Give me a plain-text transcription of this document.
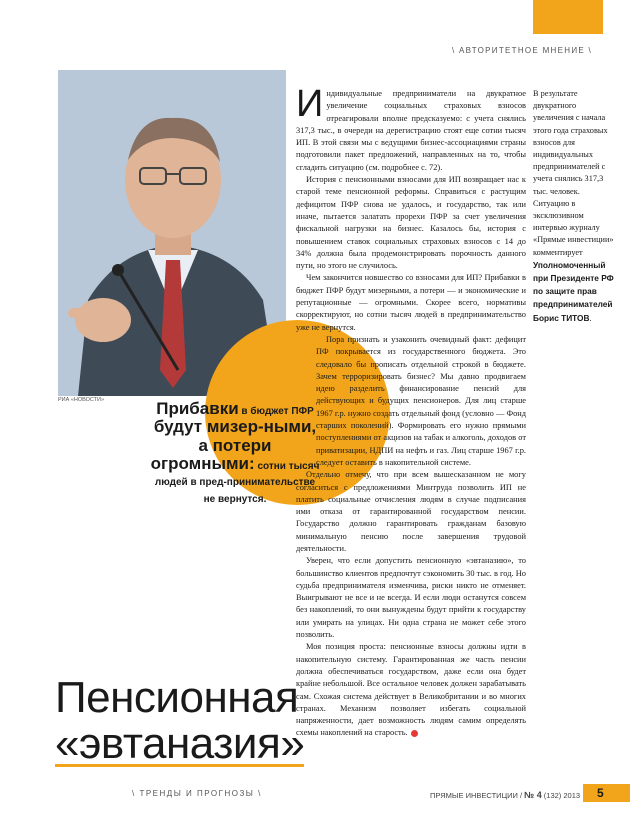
\ АВТОРИТЕТНОЕ МНЕНИЕ \
РИА «НОВОСТИ»	Прибавки в бюджет ПФР будут мизер-ными, а потери огромными: сотни тысяч людей в пред-принимательстве не вернутся.

Индивидуальные предприниматели на двукратное увеличение социальных страховых взносов отреагировали вполне предсказуемо: с учета снялись 317,3 тыс., в очереди на дерегистрацию стоят еще сотни тысяч ИП. В этой связи мы с ведущими бизнес-ассоциациями страны подготовили пакет предложений, направленных на то, чтобы сгладить ситуацию (см. подробнее с. 72).

История с пенсионными взносами для ИП возвращает нас к старой теме пенсионной реформы. Справиться с растущим дефицитом ПФР снова не удалось, и государство, так или иначе, пытается залатать прорехи ПФР за счет увеличения фискальной нагрузки на бизнес. Казалось бы, история с повышением ставок социальных страховых взносов с 14 до 34% должна была продемонстрировать порочность данного пути, но этого не случилось.

Чем закончится новшество со взносами для ИП? Прибавки в бюджет ПФР будут мизерными, а потери — и экономические и репутационные — огромными. Скорее всего, нормативы скорректируют, но сотни тысяч людей в предпринимательство уже не вернутся.

Пора признать и узаконить очевидный факт: дефицит ПФ покрывается из государственного бюджета. Это следовало бы прописать отдельной строкой в бюджете. Зачем терроризировать бизнес? Мы давно продвигаем идею разделить финансирование пенсий для действующих и будущих пенсионеров. Для лиц старше 1967 г.р. нужно создать отдельный фонд (условно — Фонд старших поколений). Формировать его нужно прямыми поступлениями от акцизов на табак и алкоголь, доходов от приватизации, НДПИ на нефть и газ. Лиц старше 1967 г.р. следует оставить в накопительной системе.

Отдельно отмечу, что при всем вышесказанном не могу согласиться с предложениями Минтруда позволить ИП не платить социальные отчисления людям в случае подписания ими отказа от гарантированной государством пенсии. Государство должно гарантировать гражданам базовую минимальную пенсию после завершения трудовой деятельности.

Уверен, что если допустить пенсионную «эвтаназию», то большинство клиентов предпочтут сэкономить 30 тыс. в год. Но судьба предпринимателя изменчива, риски никто не отменяет. Выигрывают не все и не всегда. И если люди останутся совсем без накоплений, то они вынуждены будут прийти к государству или умирать на улицах. Ни одна страна не может себе этого позволить.

Моя позиция проста: пенсионные взносы должны идти в накопительную систему. Гарантированная же часть пенсии должна обеспечиваться государством, даже если она будет крайне небольшой. Все остальное человек должен зарабатывать сам. Схожая система действует в Великобритании и во многих странах. Механизм позволяет избегать социальной напряженности, дает возможность людям самим определять схемы накоплений на старость.

В результате двукратного увеличения с начала этого года страховых взносов для индивидуальных предпринимателей с учета снялись 317,3 тыс. человек. Ситуацию в эксклюзивном интервью журналу «Прямые инвестиции» комментирует Уполномоченный при Президенте РФ по защите прав предпринимателей Борис ТИТОВ.
Пенсионная
«эвтаназия»
\ ТРЕНДЫ И ПРОГНОЗЫ \	ПРЯМЫЕ ИНВЕСТИЦИИ / № 4 (132) 2013	5
